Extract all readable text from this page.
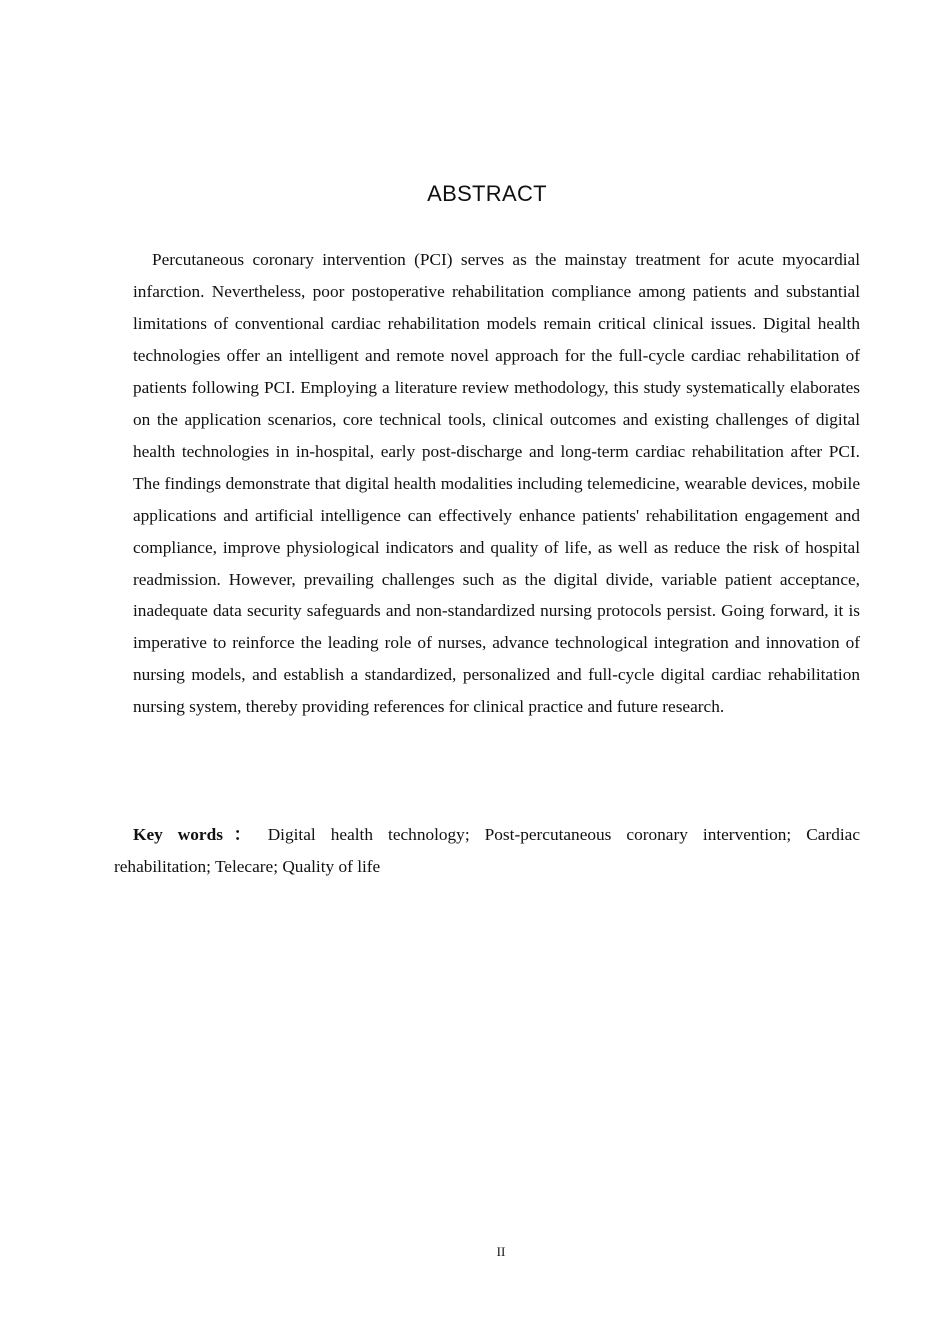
ABSTRACT

Percutaneous coronary intervention (PCI) serves as the mainstay treatment for acute myocardial infarction. Nevertheless, poor postoperative rehabilitation compliance among patients and substantial limitations of conventional cardiac rehabilitation models remain critical clinical issues. Digital health technologies offer an intelligent and remote novel approach for the full-cycle cardiac rehabilitation of patients following PCI. Employing a literature review methodology, this study systematically elaborates on the application scenarios, core technical tools, clinical outcomes and existing challenges of digital health technologies in in-hospital, early post-discharge and long-term cardiac rehabilitation after PCI. The findings demonstrate that digital health modalities including telemedicine, wearable devices, mobile applications and artificial intelligence can effectively enhance patients' rehabilitation engagement and compliance, improve physiological indicators and quality of life, as well as reduce the risk of hospital readmission. However, prevailing challenges such as the digital divide, variable patient acceptance, inadequate data security safeguards and non-standardized nursing protocols persist. Going forward, it is imperative to reinforce the leading role of nurses, advance technological integration and innovation of nursing models, and establish a standardized, personalized and full-cycle digital cardiac rehabilitation nursing system, thereby providing references for clinical practice and future research.

Key words： Digital health technology; Post-percutaneous coronary intervention; Cardiac rehabilitation; Telecare; Quality of life

II
